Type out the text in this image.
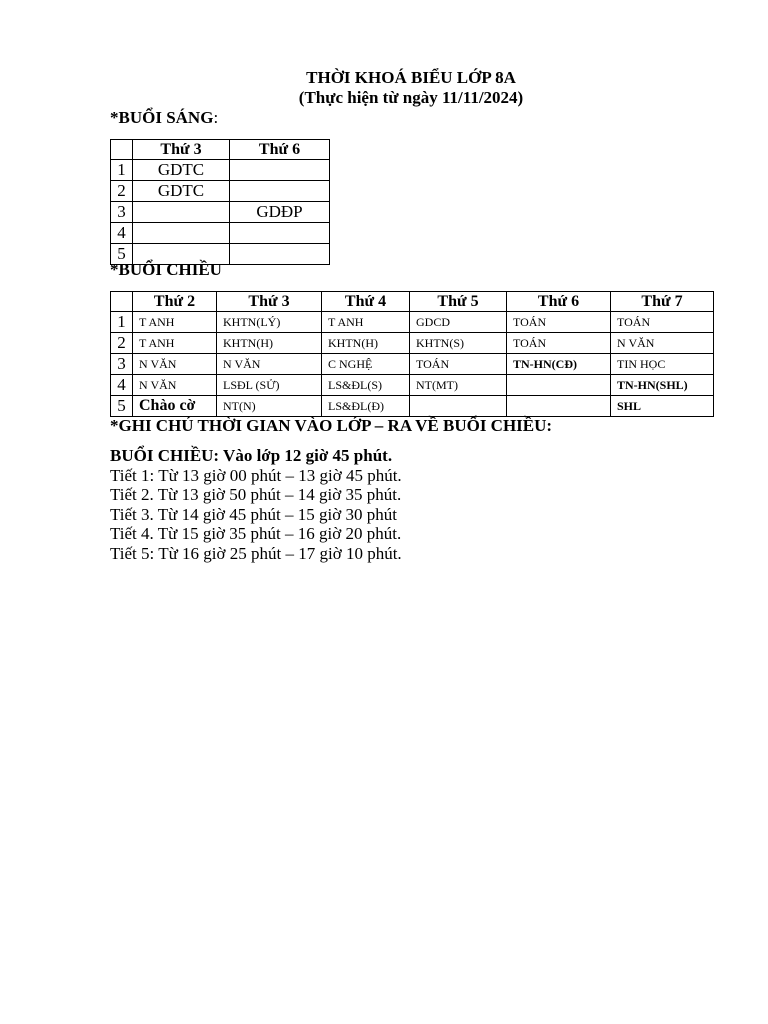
THỜI KHOÁ BIỂU LỚP 8A
(Thực hiện từ ngày 11/11/2024)
*BUỔI SÁNG:
	Thứ 3	Thứ 6
1	GDTC	
2	GDTC	
3		GDĐP
4		
5		
*BUỔI CHIỀU
	Thứ 2	Thứ 3	Thứ 4	Thứ 5	Thứ 6	Thứ 7
1	T ANH	KHTN(LÝ)	T ANH	GDCD	TOÁN	TOÁN
2	T ANH	KHTN(H)	KHTN(H)	KHTN(S)	TOÁN	N VĂN
3	N VĂN	N VĂN	C NGHỆ	TOÁN	TN-HN(CĐ)	TIN HỌC
4	N VĂN	LSĐL (SỬ)	LS&ĐL(S)	NT(MT)		TN-HN(SHL)
5	Chào cờ	NT(N)	LS&ĐL(Đ)			SHL
*GHI CHÚ THỜI GIAN VÀO LỚP – RA VỀ BUỔI CHIỀU:
BUỔI CHIỀU: Vào lớp 12 giờ 45 phút.
Tiết 1: Từ 13 giờ 00 phút – 13 giờ 45 phút.
Tiết 2. Từ 13 giờ 50 phút – 14 giờ 35 phút.
Tiết 3. Từ 14 giờ 45 phút – 15 giờ 30 phút
Tiết 4. Từ 15 giờ 35 phút – 16 giờ 20 phút.
Tiết 5: Từ 16 giờ 25 phút – 17 giờ 10 phút.
